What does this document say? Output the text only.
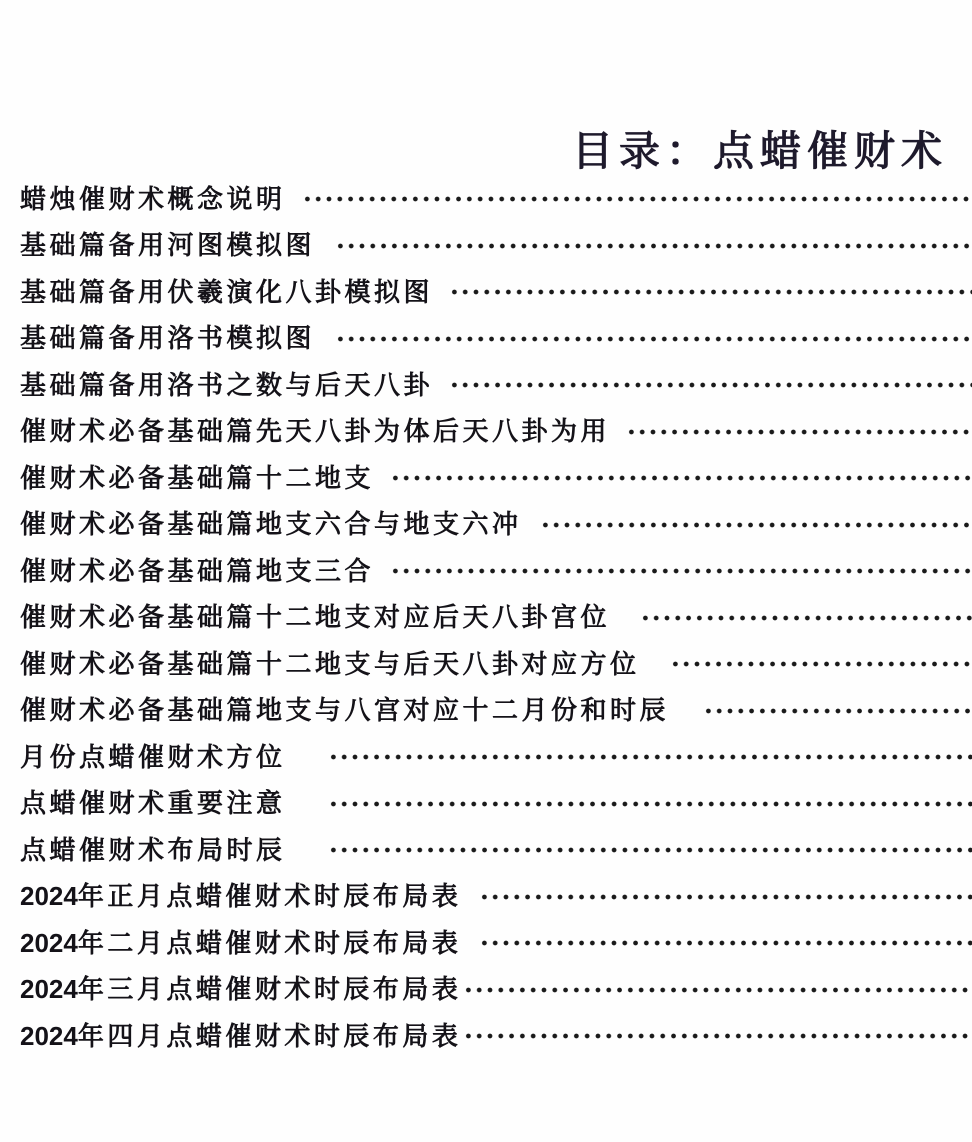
目录：点蜡催财术
蜡烛催财术概念说明
基础篇备用河图模拟图
基础篇备用伏羲演化八卦模拟图
基础篇备用洛书模拟图
基础篇备用洛书之数与后天八卦
催财术必备基础篇先天八卦为体后天八卦为用
催财术必备基础篇十二地支
催财术必备基础篇地支六合与地支六冲
催财术必备基础篇地支三合
催财术必备基础篇十二地支对应后天八卦宫位
催财术必备基础篇十二地支与后天八卦对应方位
催财术必备基础篇地支与八宫对应十二月份和时辰
月份点蜡催财术方位
点蜡催财术重要注意
点蜡催财术布局时辰
2024年正月点蜡催财术时辰布局表
2024年二月点蜡催财术时辰布局表
2024年三月点蜡催财术时辰布局表
2024年四月点蜡催财术时辰布局表
